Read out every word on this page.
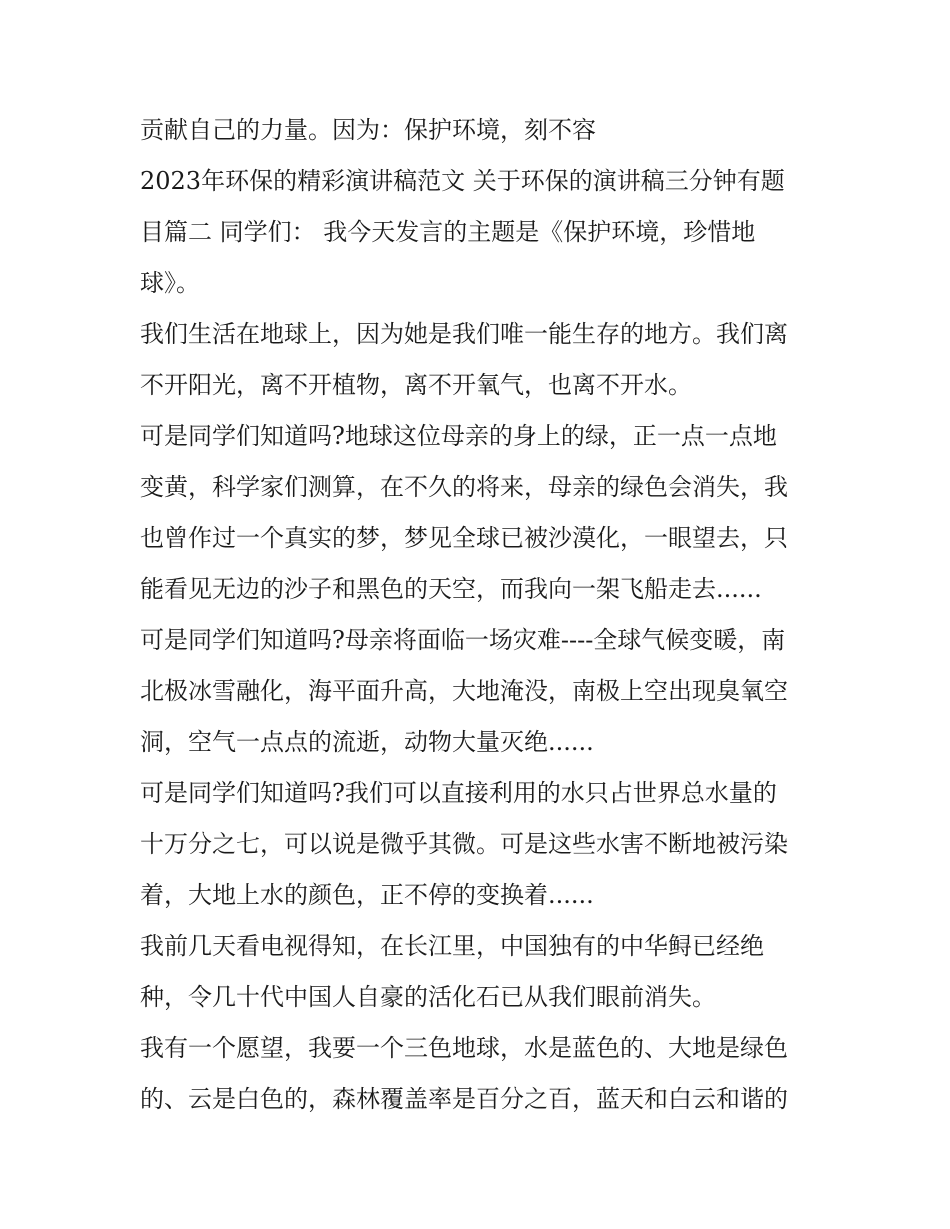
贡献自己的力量。因为：保护环境，刻不容
2023年环保的精彩演讲稿范文 关于环保的演讲稿三分钟有题
目篇二 同学们： 我今天发言的主题是《保护环境，珍惜地
球》。
我们生活在地球上，因为她是我们唯一能生存的地方。我们离
不开阳光，离不开植物，离不开氧气，也离不开水。
可是同学们知道吗?地球这位母亲的身上的绿，正一点一点地
变黄，科学家们测算，在不久的将来，母亲的绿色会消失，我
也曾作过一个真实的梦，梦见全球已被沙漠化，一眼望去，只
能看见无边的沙子和黑色的天空，而我向一架飞船走去......
可是同学们知道吗?母亲将面临一场灾难----全球气候变暖，南
北极冰雪融化，海平面升高，大地淹没，南极上空出现臭氧空
洞，空气一点点的流逝，动物大量灭绝......
可是同学们知道吗?我们可以直接利用的水只占世界总水量的
十万分之七，可以说是微乎其微。可是这些水害不断地被污染
着，大地上水的颜色，正不停的变换着......
我前几天看电视得知，在长江里，中国独有的中华鲟已经绝
种，令几十代中国人自豪的活化石已从我们眼前消失。
我有一个愿望，我要一个三色地球，水是蓝色的、大地是绿色
的、云是白色的，森林覆盖率是百分之百，蓝天和白云和谐的
